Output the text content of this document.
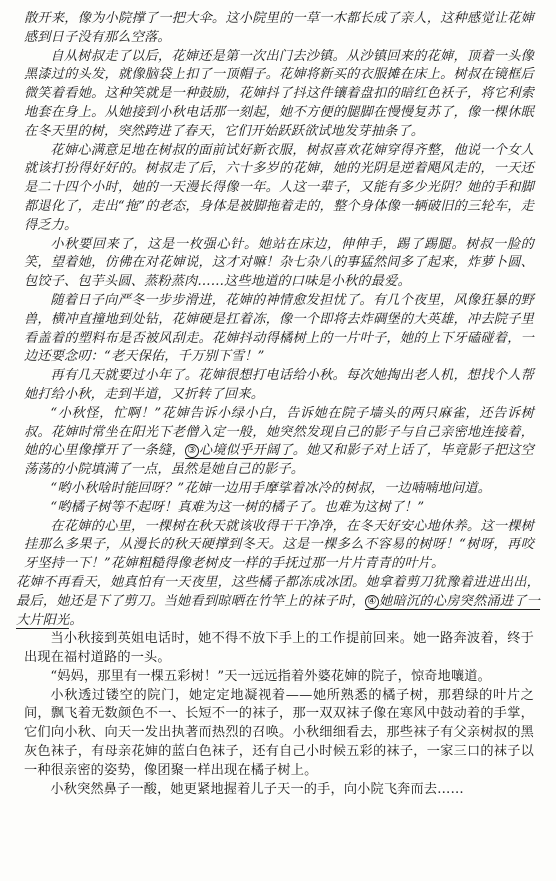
散开来，像为小院撑了一把大伞。这小院里的一草一木都长成了亲人，这种感觉让花婶感到日子没有那么空落。

自从树叔走了以后，花婶还是第一次出门去沙镇。从沙镇回来的花婶，顶着一头像黑漆过的头发，就像脑袋上扣了一顶帽子。花婶将新买的衣服摊在床上。树叔在镜框后微笑着看她。这种笑就是一种鼓励，花婶抖了抖这件镶着盘扣的暗红色袄子，将它利索地套在身上。从她接到小秋电话那一刻起，她不方便的腿脚在慢慢复苏了，像一棵休眠在冬天里的树，突然跨进了春天，它们开始跃跃欲试地发芽抽条了。

花婶心满意足地在树叔的面前试好新衣服，树叔喜欢花婶穿得齐整，他说一个女人就该打扮得好好的。树叔走了后，六十多岁的花婶，她的光阴是逆着飓风走的，一天还是二十四个小时，她的一天漫长得像一年。人这一辈子，又能有多少光阴？她的手和脚都退化了，走出“拖”的老态，身体是被脚拖着走的，整个身体像一辆破旧的三轮车，走得乏力。

小秋要回来了，这是一枚强心针。她站在床边，伸伸手，踢了踢腿。树叔一脸的笑，望着她，仿佛在对花婶说，这才对嘛！杂七杂八的事猛然间多了起来，炸萝卜圆、包饺子、包芋头圆、蒸粉蒸肉……这些地道的口味是小秋的最爱。

随着日子向严冬一步步滑进，花婶的神情愈发担忧了。有几个夜里，风像狂暴的野兽，横冲直撞地到处钻，花婶硬是扛着冻，像一个即将去炸碉堡的大英雄，冲去院子里看盖着的塑料布是否被风刮走。花婶抖动得橘树上的一片叶子，她的上下牙磕碰着，一边还要念叨：“老天保佑，千万别下雪！”

再有几天就要过小年了。花婶很想打电话给小秋。每次她掏出老人机，想找个人帮她打给小秋，走到半道，又折转了回来。

“小秋怪，忙啊！”花婶告诉小绿小白，告诉她在院子墙头的两只麻雀，还告诉树叔。花婶时常坐在阳光下老僧入定一般，她突然发现自己的影子与自己亲密地连接着，她的心里像撑开了一条缝， ③ 心境似乎开阔了。她又和影子对上话了，毕竟影子把这空荡荡的小院填满了一点，虽然是她自己的影子。

“哟小秋啥时能回呀？”花婶一边用手摩挲着冰冷的树叔，一边喃喃地问道。

“哟橘子树等不起呀！真难为这一树的橘子了。也难为这树了！”

在花婶的心里，一棵树在秋天就该收得干干净净，在冬天好安心地休养。这一棵树挂那么多果子，从漫长的秋天硬撑到冬天。这是一棵多么不容易的树呀！“树呀，再咬牙坚持一下！”花婶粗糙得像老树皮一样的手抚过那一片片青青的叶片。

花婶不再看天，她真怕有一天夜里，这些橘子都冻成冰团。她拿着剪刀犹豫着进进出出，最后，她还是下了剪刀。当她看到晾晒在竹竿上的袜子时， ④ 她暗沉的心房突然涌进了一大片阳光。

当小秋接到英姐电话时，她不得不放下手上的工作提前回来。她一路奔波着，终于出现在福村道路的一头。

“妈妈，那里有一棵五彩树！”天一远远指着外婆花婶的院子，惊奇地嚷道。

小秋透过镂空的院门，她定定地凝视着——她所熟悉的橘子树，那碧绿的叶片之间，飘飞着无数颜色不一、长短不一的袜子，那一双双袜子像在寒风中鼓动着的手掌，它们向小秋、向天一发出执著而热烈的召唤。小秋细细看去，那些袜子有父亲树叔的黑灰色袜子，有母亲花婶的蓝白色袜子，还有自己小时候五彩的袜子，一家三口的袜子以一种很亲密的姿势，像团聚一样出现在橘子树上。

小秋突然鼻子一酸，她更紧地握着儿子天一的手，向小院飞奔而去……
